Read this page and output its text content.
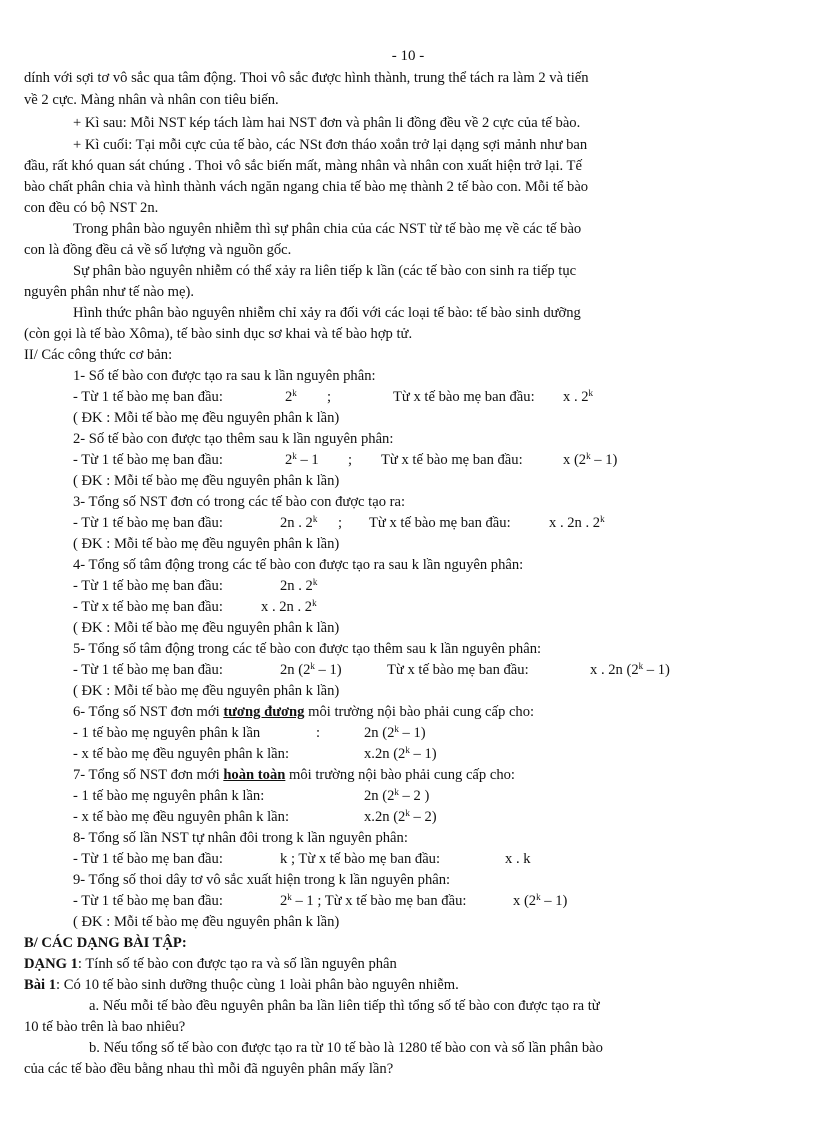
- 10 -
dính với sợi tơ vô sắc qua tâm động. Thoi vô sắc được hình thành, trung thể tách ra làm 2 và tiến
về 2 cực. Màng nhân và nhân con tiêu biến.
+ Kì sau: Mỗi NST kép tách làm hai NST đơn và phân li đồng đều về 2 cực của tế bào.
+ Kì cuối: Tại mỗi cực của tế bào, các NSt đơn tháo xoắn trở lại dạng sợi mảnh như ban
đầu, rất khó quan sát chúng . Thoi vô sắc biến mất, màng nhân và nhân con xuất hiện trở lại. Tế
bào chất phân chia và hình thành vách ngăn ngang chia tế bào mẹ thành 2 tế bào con. Mỗi tế bào
con đều có bộ NST 2n.
Trong phân bào nguyên nhiễm thì sự phân chia của các NST từ tế bào mẹ về các tế bào
con là đồng đều cả về số lượng và nguồn gốc.
Sự phân bào nguyên nhiễm có thể xảy ra liên tiếp k lần (các tế bào con sinh ra tiếp tục
nguyên phân như tế nào mẹ).
Hình thức phân bào nguyên nhiễm chỉ xảy ra đối với các loại tế bào: tế bào sinh dưỡng
(còn gọi là tế bào Xôma), tế bào sinh dục sơ khai và tế bào hợp tử.
II/ Các công thức cơ bản:
1- Số tế bào con được tạo ra sau k lần nguyên phân:
- Từ 1 tế bào mẹ ban đầu:	2$^k$ ;	Từ x tế bào mẹ ban đầu: x . 2$^k$
( ĐK : Mỗi tế bào mẹ đều nguyên phân k lần)
2- Số tế bào con được tạo thêm sau k lần nguyên phân:
- Từ 1 tế bào mẹ ban đầu:	2$^k$ – 1 ; Từ x tế bào mẹ ban đầu:	x (2$^k$ – 1)
( ĐK : Mỗi tế bào mẹ đều nguyên phân k lần)
3- Tổng số NST đơn có trong các tế bào con được tạo ra:
- Từ 1 tế bào mẹ ban đầu:	2n . 2$^k$ ; Từ x tế bào mẹ ban đầu:	x . 2n . 2$^k$
( ĐK : Mỗi tế bào mẹ đều nguyên phân k lần)
4- Tổng số tâm động trong các tế bào con được tạo ra sau k lần nguyên phân:
- Từ 1 tế bào mẹ ban đầu:	2n . 2$^k$
- Từ x tế bào mẹ ban đầu:	x . 2n . 2$^k$
( ĐK : Mỗi tế bào mẹ đều nguyên phân k lần)
5- Tổng số tâm động trong các tế bào con được tạo thêm sau k lần nguyên phân:
- Từ 1 tế bào mẹ ban đầu:	2n (2$^k$ – 1)	Từ x tế bào mẹ ban đầu:	x . 2n (2$^k$ – 1)
( ĐK : Mỗi tế bào mẹ đều nguyên phân k lần)
6- Tổng số NST đơn mới tương đương môi trường nội bào phải cung cấp cho:
- 1 tế bào mẹ nguyên phân k lần	:	2n (2$^k$ – 1)
- x tế bào mẹ đều nguyên phân k lần:	x.2n (2$^k$ – 1)
7- Tổng số NST đơn mới hoàn toàn môi trường nội bào phải cung cấp cho:
- 1 tế bào mẹ nguyên phân k lần:	2n (2$^k$ – 2 )
- x tế bào mẹ đều nguyên phân k lần:	x.2n (2$^k$ – 2)
8- Tổng số lần NST tự nhân đôi trong k lần nguyên phân:
- Từ 1 tế bào mẹ ban đầu:	k ; Từ x tế bào mẹ ban đầu:	x . k
9- Tổng số thoi dây tơ vô sắc xuất hiện trong k lần nguyên phân:
- Từ 1 tế bào mẹ ban đầu:	2$^k$ – 1 ; Từ x tế bào mẹ ban đầu:	x (2$^k$ – 1)
( ĐK : Mỗi tế bào mẹ đều nguyên phân k lần)
B/ CÁC DẠNG BÀI TẬP:
DẠNG 1: Tính số tế bào con được tạo ra và số lần nguyên phân
Bài 1: Có 10 tế bào sinh dưỡng thuộc cùng 1 loài phân bào nguyên nhiễm.
a. Nếu mỗi tế bào đều nguyên phân ba lần liên tiếp thì tổng số tế bào con được tạo ra từ
10 tế bào trên là bao nhiêu?
b. Nếu tổng số tế bào con được tạo ra từ 10 tế bào là 1280 tế bào con và số lần phân bào
của các tế bào đều bằng nhau thì mỗi đã nguyên phân mấy lần?
